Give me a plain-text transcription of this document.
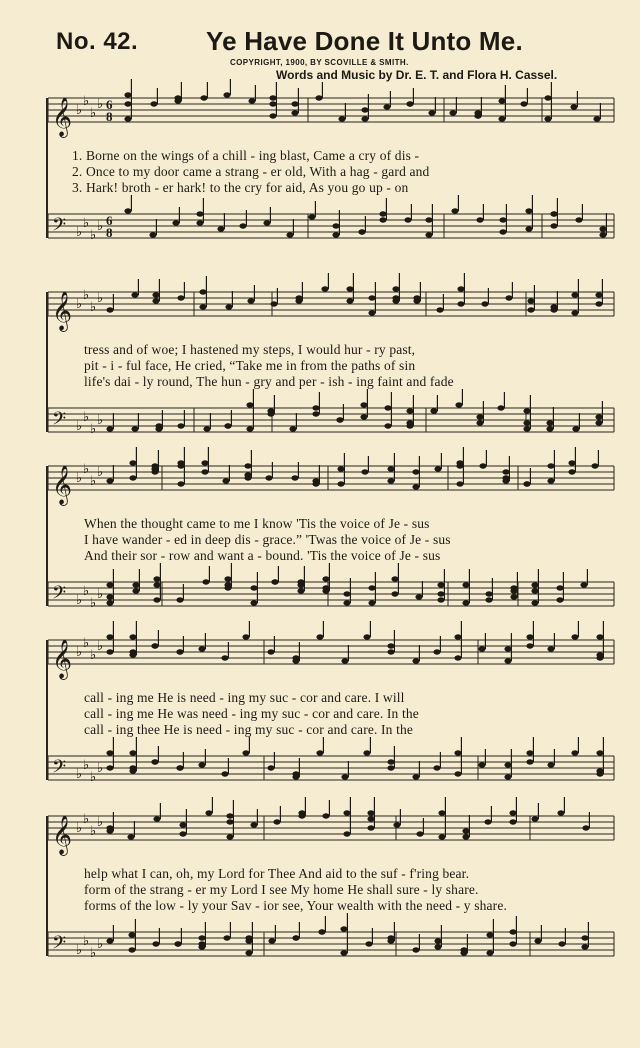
No. 42.	Ye Have Done It Unto Me.
COPYRIGHT, 1900, BY SCOVILLE & SMITH.
Words and Music by Dr. E. T. and Flora H. Cassel.
𝄞 ♭
♭
♭
♭ 6
8
1. Borne on the wings of a chill - ing blast, Came a cry of dis -
2. Once to my door came a strang - er old, With a hag - gard and
3. Hark! broth - er hark! to the cry for aid, As you go up - on
𝄢 ♭
♭
♭
♭ 6
8
𝄞 ♭
♭
♭
♭
tress and of woe; I hastened my steps, I would hur - ry past,
pit - i - ful face, He cried, “Take me in from the paths of sin
life's dai - ly round, The hun - gry and per - ish - ing faint and fade
𝄢 ♭
♭
♭
♭
𝄞 ♭
♭
♭
♭
When the thought came to me I know 'Tis the voice of Je - sus
I have wander - ed in deep dis - grace.” 'Twas the voice of Je - sus
And their sor - row and want a - bound. 'Tis the voice of Je - sus
𝄢 ♭
♭
♭
♭
𝄞 ♭
♭
♭
♭
call - ing me He is need - ing my suc - cor and care. I will
call - ing me He was need - ing my suc - cor and care. In the
call - ing thee He is need - ing my suc - cor and care. In the
𝄢 ♭
♭
♭
♭
𝄞 ♭
♭
♭
♭
help what I can, oh, my Lord for Thee And aid to the suf - f'ring bear.
form of the strang - er my Lord I see My home He shall sure - ly share.
forms of the low - ly your Sav - ior see, Your wealth with the need - y share.
𝄢 ♭
♭
♭
♭
